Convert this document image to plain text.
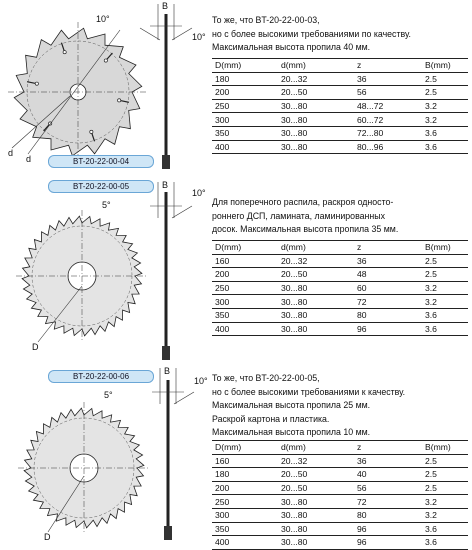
B
10°
10°
d
d
То же, что BT-20-22-00-03,
но с более высокими требованиями по качеству.
Максимальная высота пропила 40 мм.
D(mm)	d(mm)	z	B(mm)
180	20...32	36	2.5
200	20...50	56	2.5
250	30...80	48...72	3.2
300	30...80	60...72	3.2
350	30...80	72...80	3.6
400	30...80	80...96	3.6
BT-20-22-00-04
B
5°
10°
D
BT-20-22-00-05
Для поперечного распила, раскроя односто-
роннего ДСП, ламината, ламинированных
досок. Максимальная высота пропила 35 мм.
D(mm)	d(mm)	z	B(mm)
160	20...32	36	2.5
200	20...50	48	2.5
250	30...80	60	3.2
300	30...80	72	3.2
350	30...80	80	3.6
400	30...80	96	3.6
B
5°
10°
D
BT-20-22-00-06	То же, что BT-20-22-00-05,
но с более высокими требованиями к качеству.
Максимальная высота пропила 25 мм.
Раскрой картона и пластика.
Максимальная высота пропила 10 мм.
D(mm)	d(mm)	z	B(mm)
160	20...32	36	2.5
180	20...50	40	2.5
200	20...50	56	2.5
250	30...80	72	3.2
300	30...80	80	3.2
350	30...80	96	3.6
400	30...80	96	3.6
